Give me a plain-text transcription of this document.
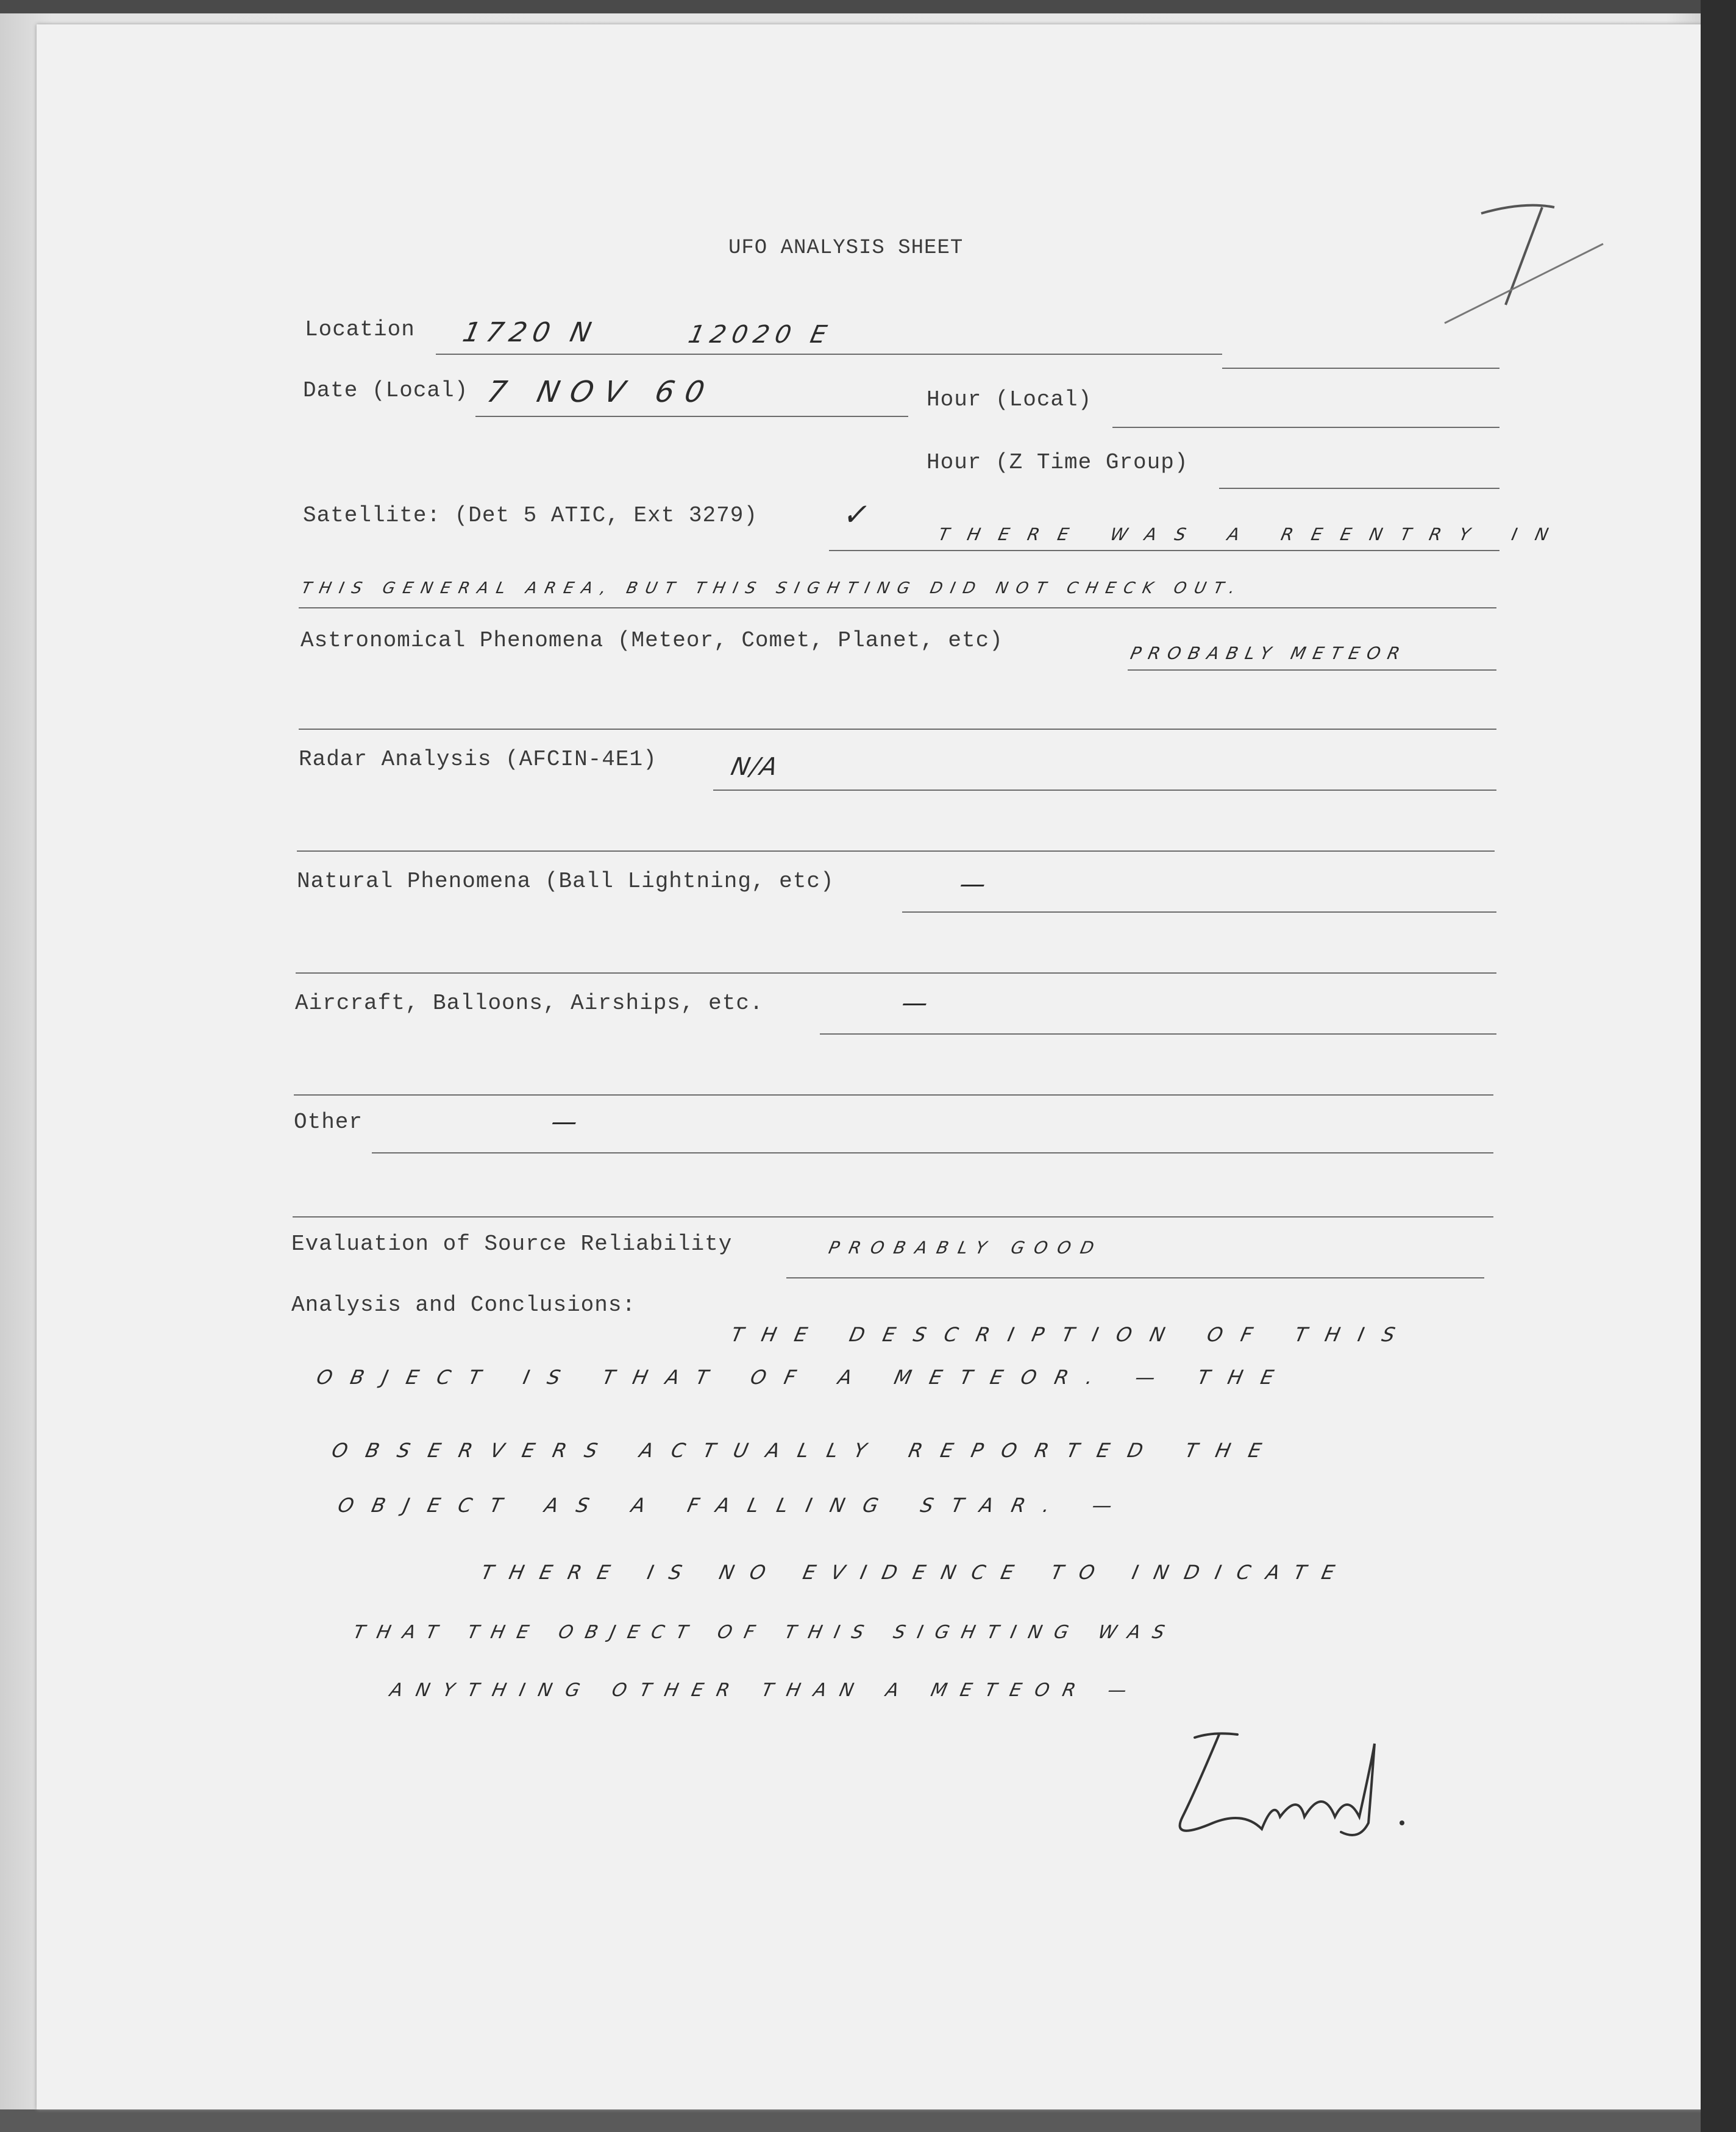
UFO ANALYSIS SHEET
Location 1720 N	12020 E
Date (Local) 7 NOV 60	Hour (Local)
Hour (Z Time Group)
Satellite: (Det 5 ATIC, Ext 3279)	✓
THERE WAS A REENTRY IN
THIS GENERAL AREA, BUT THIS SIGHTING DID NOT CHECK OUT.
Astronomical Phenomena (Meteor, Comet, Planet, etc)
PROBABLY METEOR
Radar Analysis (AFCIN-4E1)	N/A
Natural Phenomena (Ball Lightning, etc)	—
Aircraft, Balloons, Airships, etc.	—
Other	—
Evaluation of Source Reliability	PROBABLY GOOD
Analysis and Conclusions:
THE DESCRIPTION OF THIS
OBJECT IS THAT OF A METEOR. — THE
OBSERVERS ACTUALLY REPORTED THE
OBJECT AS A FALLING STAR. —
THERE IS NO EVIDENCE TO INDICATE
THAT THE OBJECT OF THIS SIGHTING WAS
ANYTHING OTHER THAN A METEOR —
